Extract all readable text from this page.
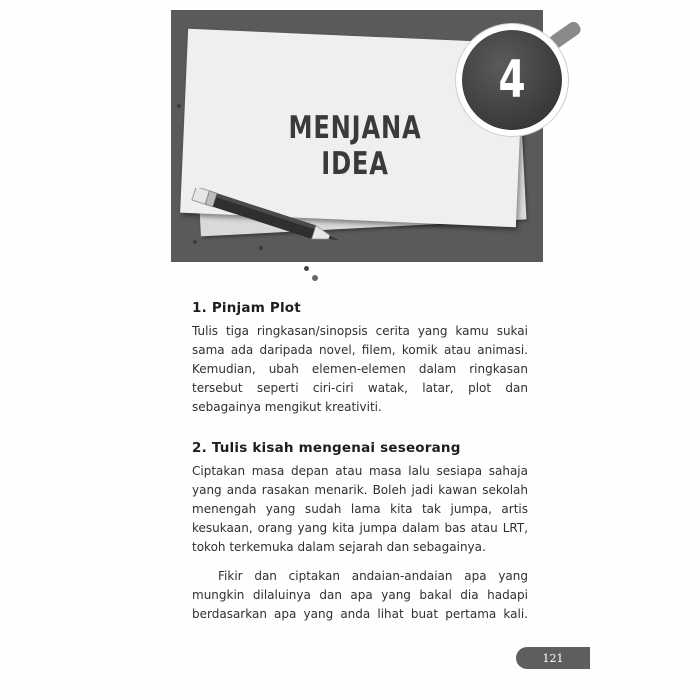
MENJANA IDEA
4
1. Pinjam Plot

Tulis tiga ringkasan/sinopsis cerita yang kamu sukai
sama ada daripada novel, filem, komik atau animasi.
Kemudian, ubah elemen-elemen dalam ringkasan
tersebut seperti ciri-ciri watak, latar, plot dan
sebagainya mengikut kreativiti.

2. Tulis kisah mengenai seseorang

Ciptakan masa depan atau masa lalu sesiapa sahaja
yang anda rasakan menarik. Boleh jadi kawan sekolah
menengah yang sudah lama kita tak jumpa, artis
kesukaan, orang yang kita jumpa dalam bas atau LRT,
tokoh terkemuka dalam sejarah dan sebagainya.

Fikir dan ciptakan andaian-andaian apa yang
mungkin dilaluinya dan apa yang bakal dia hadapi
berdasarkan apa yang anda lihat buat pertama kali.

121
